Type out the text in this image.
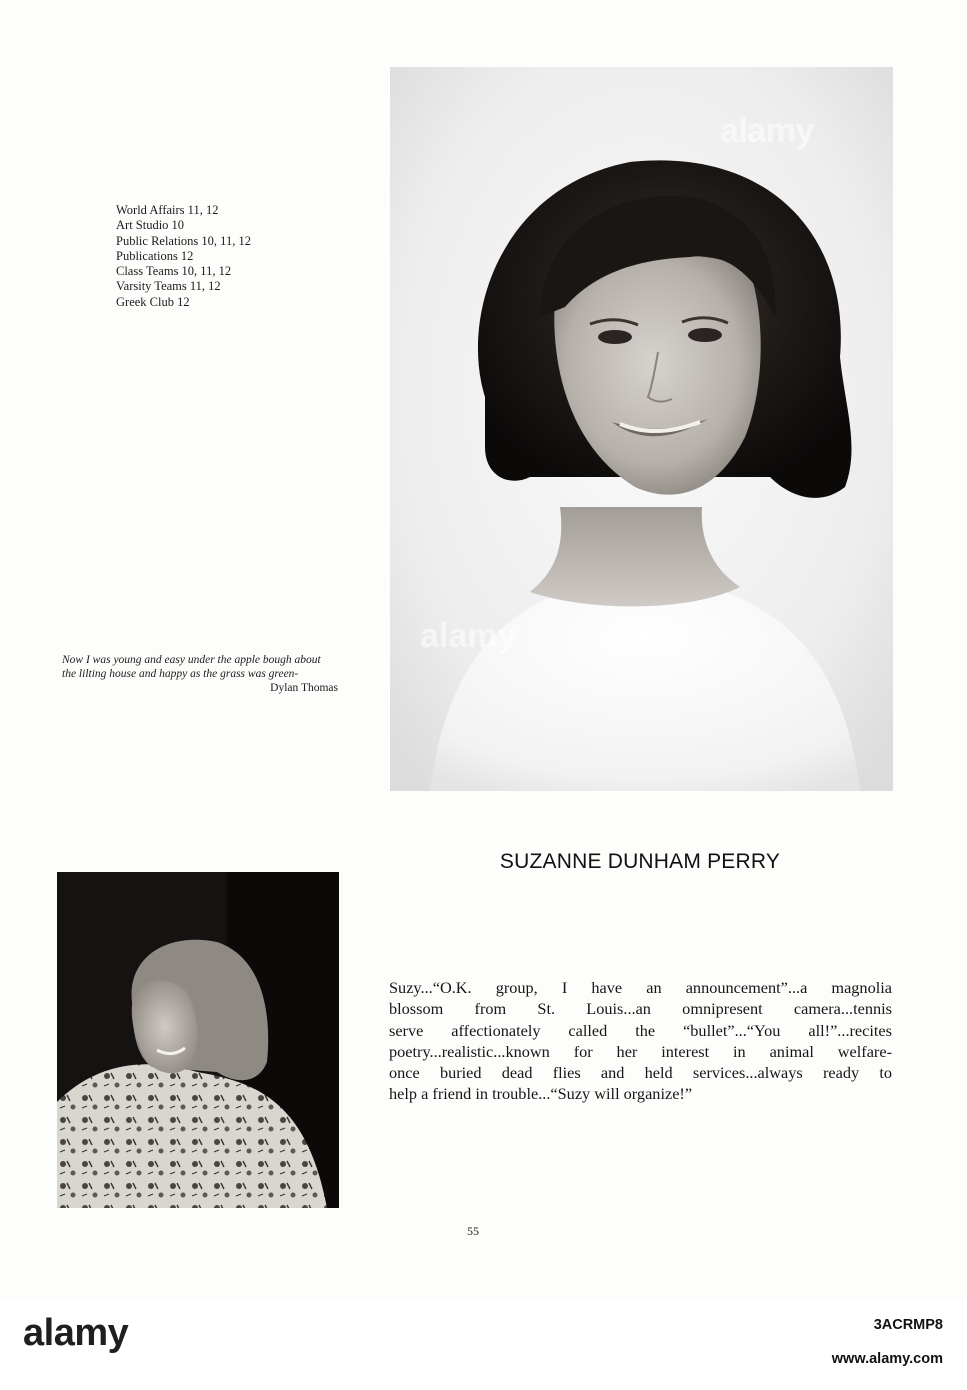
World Affairs 11, 12
Art Studio 10
Public Relations 10, 11, 12
Publications 12
Class Teams 10, 11, 12
Varsity Teams 11, 12
Greek Club 12
Now I was young and easy under the apple bough about
the lilting house and happy as the grass was green-
Dylan Thomas
alamy
alamy
SUZANNE DUNHAM PERRY
Suzy...“O.K. group, I have an announcement”...a magnolia
blossom from St. Louis...an omnipresent camera...tennis
serve affectionately called the “bullet”...“You all!”...recites
poetry...realistic...known for her interest in animal welfare-
once buried dead flies and held services...always ready to
help a friend in trouble...“Suzy will organize!”
55
alamy	3ACRMP8
www.alamy.com
